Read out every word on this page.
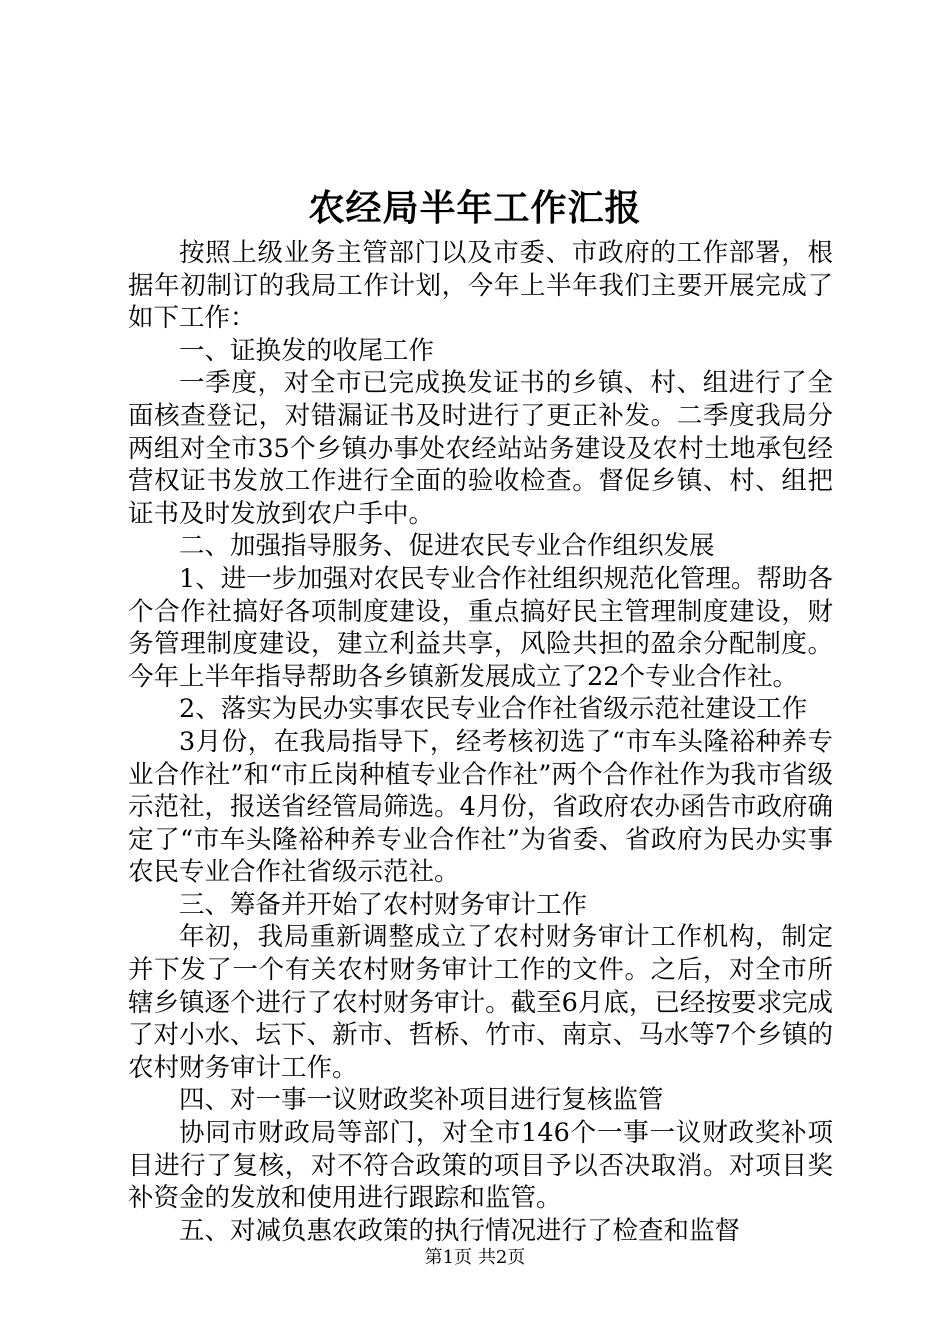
农经局半年工作汇报

按照上级业务主管部门以及市委、市政府的工作部署，根据年初制订的我局工作计划，今年上半年我们主要开展完成了如下工作：

一、证换发的收尾工作

一季度，对全市已完成换发证书的乡镇、村、组进行了全面核查登记，对错漏证书及时进行了更正补发。二季度我局分两组对全市35个乡镇办事处农经站站务建设及农村土地承包经营权证书发放工作进行全面的验收检查。督促乡镇、村、组把证书及时发放到农户手中。

二、加强指导服务、促进农民专业合作组织发展

1、进一步加强对农民专业合作社组织规范化管理。帮助各个合作社搞好各项制度建设，重点搞好民主管理制度建设，财务管理制度建设，建立利益共享，风险共担的盈余分配制度。今年上半年指导帮助各乡镇新发展成立了22个专业合作社。

2、落实为民办实事农民专业合作社省级示范社建设工作

3月份，在我局指导下，经考核初选了“市车头隆裕种养专业合作社”和“市丘岗种植专业合作社”两个合作社作为我市省级示范社，报送省经管局筛选。4月份，省政府农办函告市政府确定了“市车头隆裕种养专业合作社”为省委、省政府为民办实事农民专业合作社省级示范社。

三、筹备并开始了农村财务审计工作

年初，我局重新调整成立了农村财务审计工作机构，制定并下发了一个有关农村财务审计工作的文件。之后，对全市所辖乡镇逐个进行了农村财务审计。截至6月底，已经按要求完成了对小水、坛下、新市、哲桥、竹市、南京、马水等7个乡镇的农村财务审计工作。

四、对一事一议财政奖补项目进行复核监管

协同市财政局等部门，对全市146个一事一议财政奖补项目进行了复核，对不符合政策的项目予以否决取消。对项目奖补资金的发放和使用进行跟踪和监管。

五、对减负惠农政策的执行情况进行了检查和监督

第1页 共2页
